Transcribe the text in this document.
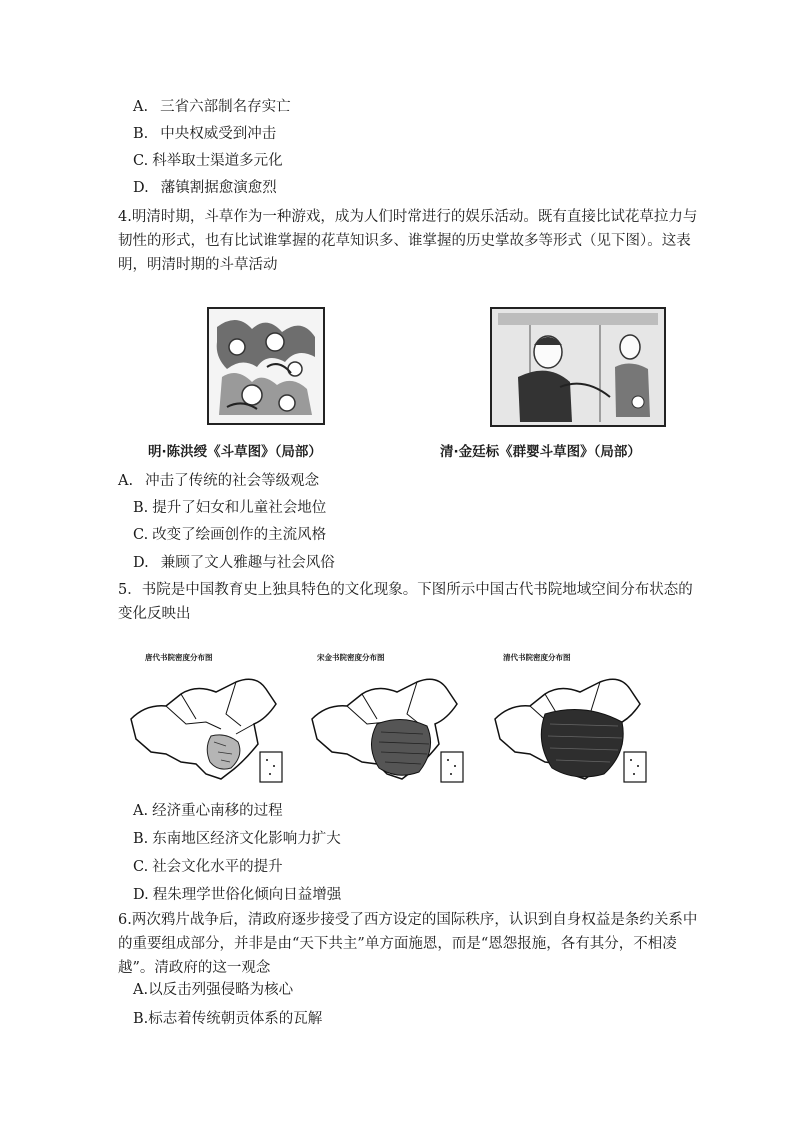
A. 三省六部制名存实亡
B. 中央权威受到冲击
C. 科举取士渠道多元化
D. 藩镇割据愈演愈烈
4.明清时期，斗草作为一种游戏，成为人们时常进行的娱乐活动。既有直接比试花草拉力与
韧性的形式，也有比试谁掌握的花草知识多、谁掌握的历史掌故多等形式（见下图）。这表
明，明清时期的斗草活动
明·陈洪绶《斗草图》（局部）	清·金廷标《群婴斗草图》（局部）
A. 冲击了传统的社会等级观念
B. 提升了妇女和儿童社会地位
C. 改变了绘画创作的主流风格
D. 兼顾了文人雅趣与社会风俗
5．书院是中国教育史上独具特色的文化现象。下图所示中国古代书院地域空间分布状态的
变化反映出
唐代书院密度分布图	宋金书院密度分布图	清代书院密度分布图
A. 经济重心南移的过程
B. 东南地区经济文化影响力扩大
C. 社会文化水平的提升
D. 程朱理学世俗化倾向日益增强
6.两次鸦片战争后，清政府逐步接受了西方设定的国际秩序，认识到自身权益是条约关系中
的重要组成部分，并非是由“天下共主”单方面施恩，而是“恩怨报施，各有其分，不相凌
越”。清政府的这一观念
A.以反击列强侵略为核心
B.标志着传统朝贡体系的瓦解
